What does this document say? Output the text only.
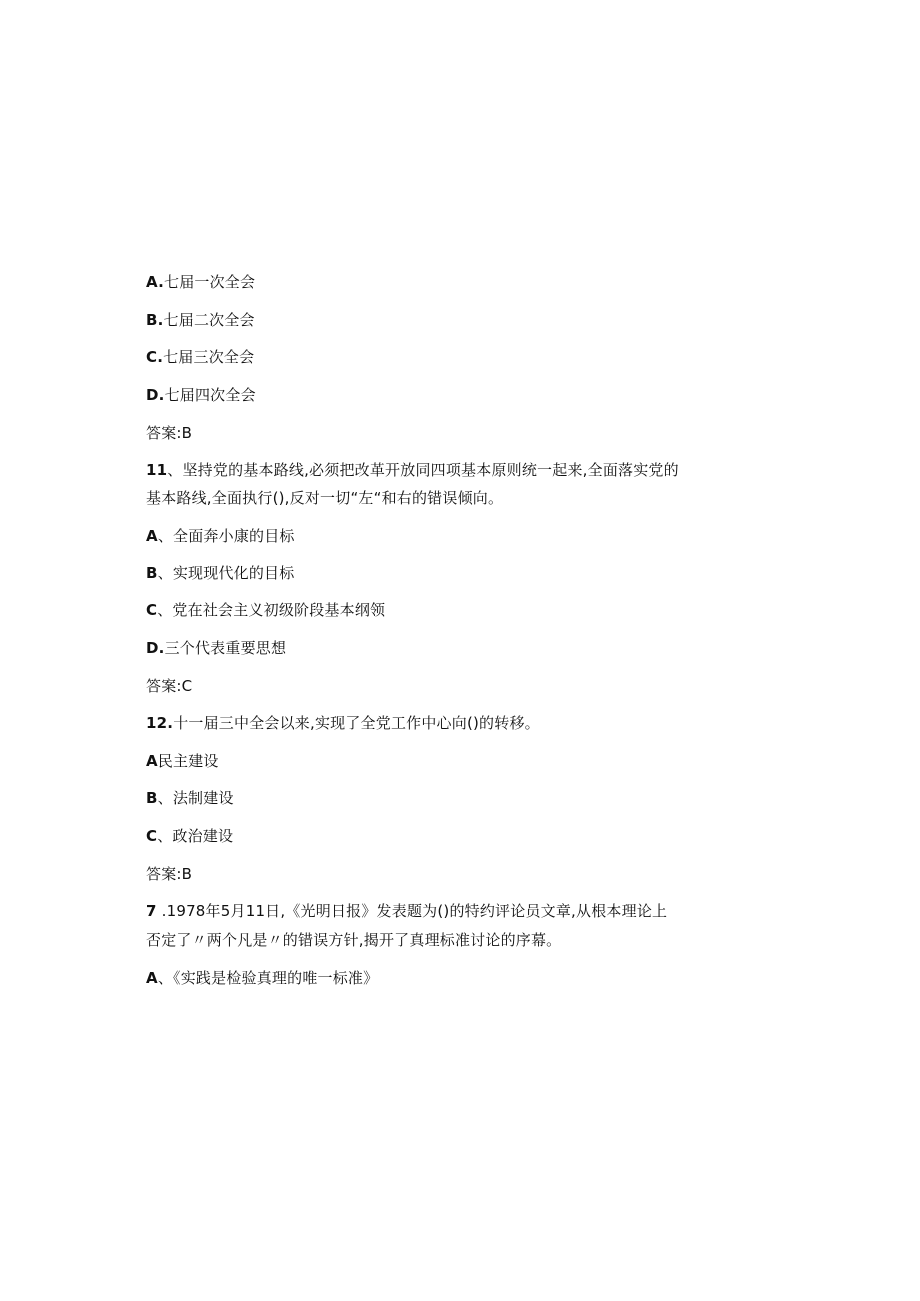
A.七届一次全会
B.七届二次全会
C.七届三次全会
D.七届四次全会
答案:B
11、坚持党的基本路线,必须把改革开放同四项基本原则统一起来,全面落实党的
基本路线,全面执行(),反对一切“左“和右的错误倾向。
A、全面奔小康的目标
B、实现现代化的目标
C、党在社会主义初级阶段基本纲领
D.三个代表重要思想
答案:C
12.十一届三中全会以来,实现了全党工作中心向()的转移。
A民主建设
B、法制建设
C、政治建设
答案:B
7 .1978年5月11日,《光明日报》发表题为()的特约评论员文章,从根本理论上
否定了〃两个凡是〃的错误方针,揭开了真理标准讨论的序幕。
A、《实践是检验真理的唯一标准》
